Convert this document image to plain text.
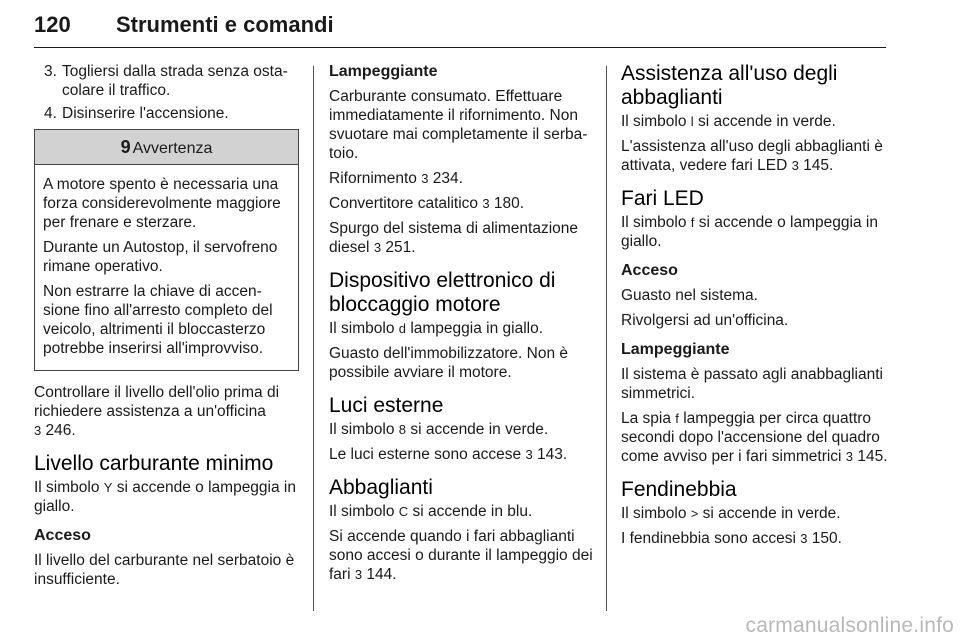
120 Strumenti e comandi
3. Togliersi dalla strada senza ostacolare il traffico.
4. Disinserire l'accensione.
9 Avvertenza

A motore spento è necessaria una forza considerevolmente maggiore per frenare e sterzare.

Durante un Autostop, il servofreno rimane operativo.

Non estrarre la chiave di accensione fino all'arresto completo del veicolo, altrimenti il bloccasterzo potrebbe inserirsi all'improvviso.

Controllare il livello dell'olio prima di richiedere assistenza a un'officina
3 246.

Livello carburante minimo

Il simbolo Y si accende o lampeggia in giallo.

Acceso

Il livello del carburante nel serbatoio è insufficiente.

Lampeggiante

Carburante consumato. Effettuare immediatamente il rifornimento. Non svuotare mai completamente il serbatoio.

Rifornimento 3 234.

Convertitore catalitico 3 180.

Spurgo del sistema di alimentazione diesel 3 251.

Dispositivo elettronico di bloccaggio motore

Il simbolo d lampeggia in giallo.

Guasto dell'immobilizzatore. Non è possibile avviare il motore.

Luci esterne

Il simbolo 8 si accende in verde.

Le luci esterne sono accese 3 143.

Abbaglianti

Il simbolo C si accende in blu.

Si accende quando i fari abbaglianti sono accesi o durante il lampeggio dei fari 3 144.

Assistenza all'uso degli abbaglianti

Il simbolo l si accende in verde.

L'assistenza all'uso degli abbaglianti è attivata, vedere fari LED 3 145.

Fari LED

Il simbolo f si accende o lampeggia in giallo.

Acceso

Guasto nel sistema.

Rivolgersi ad un'officina.

Lampeggiante

Il sistema è passato agli anabbaglianti simmetrici.

La spia f lampeggia per circa quattro secondi dopo l'accensione del quadro come avviso per i fari simmetrici 3 145.

Fendinebbia

Il simbolo > si accende in verde.

I fendinebbia sono accesi 3 150.

carmanualsonline.info
